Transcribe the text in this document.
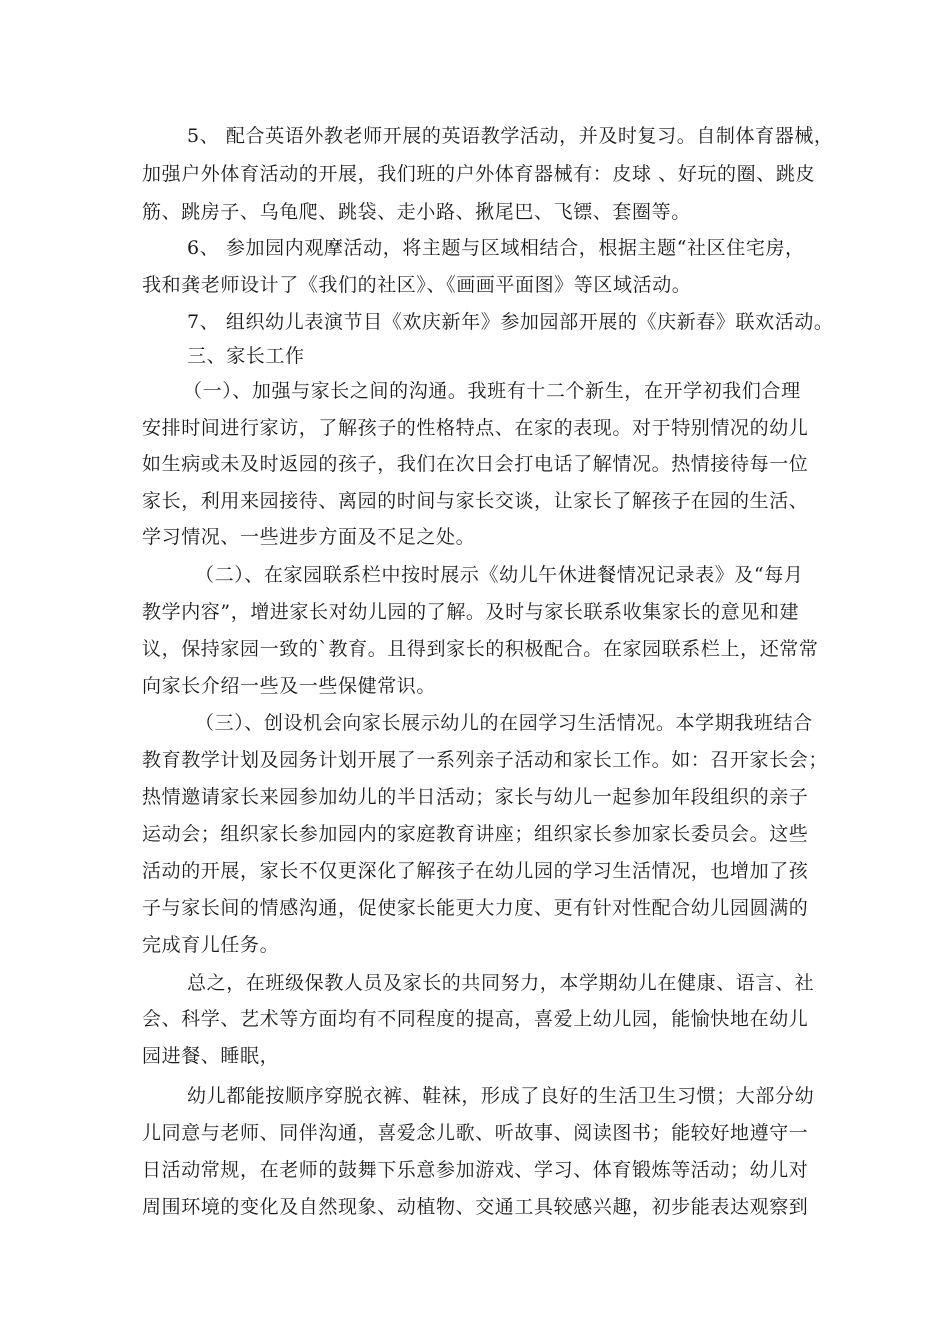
5、 配合英语外教老师开展的英语教学活动，并及时复习。自制体育器械，
加强户外体育活动的开展，我们班的户外体育器械有：皮球 、好玩的圈、跳皮
筋、跳房子、乌龟爬、跳袋、走小路、揪尾巴、飞镖、套圈等。
6、 参加园内观摩活动，将主题与区域相结合，根据主题“社区住宅房，
我和龚老师设计了《我们的社区》、《画画平面图》等区域活动。
7、 组织幼儿表演节目《欢庆新年》参加园部开展的《庆新春》联欢活动。
三、家长工作
（一）、加强与家长之间的沟通。我班有十二个新生，在开学初我们合理
安排时间进行家访，了解孩子的性格特点、在家的表现。对于特别情况的幼儿
如生病或未及时返园的孩子，我们在次日会打电话了解情况。热情接待每一位
家长，利用来园接待、离园的时间与家长交谈，让家长了解孩子在园的生活、
学习情况、一些进步方面及不足之处。
（二）、在家园联系栏中按时展示《幼儿午休进餐情况记录表》及“每月
教学内容”，增进家长对幼儿园的了解。及时与家长联系收集家长的意见和建
议，保持家园一致的`教育。且得到家长的积极配合。在家园联系栏上，还常常
向家长介绍一些及一些保健常识。
（三）、创设机会向家长展示幼儿的在园学习生活情况。本学期我班结合
教育教学计划及园务计划开展了一系列亲子活动和家长工作。如：召开家长会；
热情邀请家长来园参加幼儿的半日活动；家长与幼儿一起参加年段组织的亲子
运动会；组织家长参加园内的家庭教育讲座；组织家长参加家长委员会。这些
活动的开展，家长不仅更深化了解孩子在幼儿园的学习生活情况，也增加了孩
子与家长间的情感沟通，促使家长能更大力度、更有针对性配合幼儿园圆满的
完成育儿任务。
总之，在班级保教人员及家长的共同努力，本学期幼儿在健康、语言、社
会、科学、艺术等方面均有不同程度的提高，喜爱上幼儿园，能愉快地在幼儿
园进餐、睡眠，
幼儿都能按顺序穿脱衣裤、鞋袜，形成了良好的生活卫生习惯；大部分幼
儿同意与老师、同伴沟通，喜爱念儿歌、听故事、阅读图书；能较好地遵守一
日活动常规，在老师的鼓舞下乐意参加游戏、学习、体育锻炼等活动；幼儿对
周围环境的变化及自然现象、动植物、交通工具较感兴趣，初步能表达观察到
